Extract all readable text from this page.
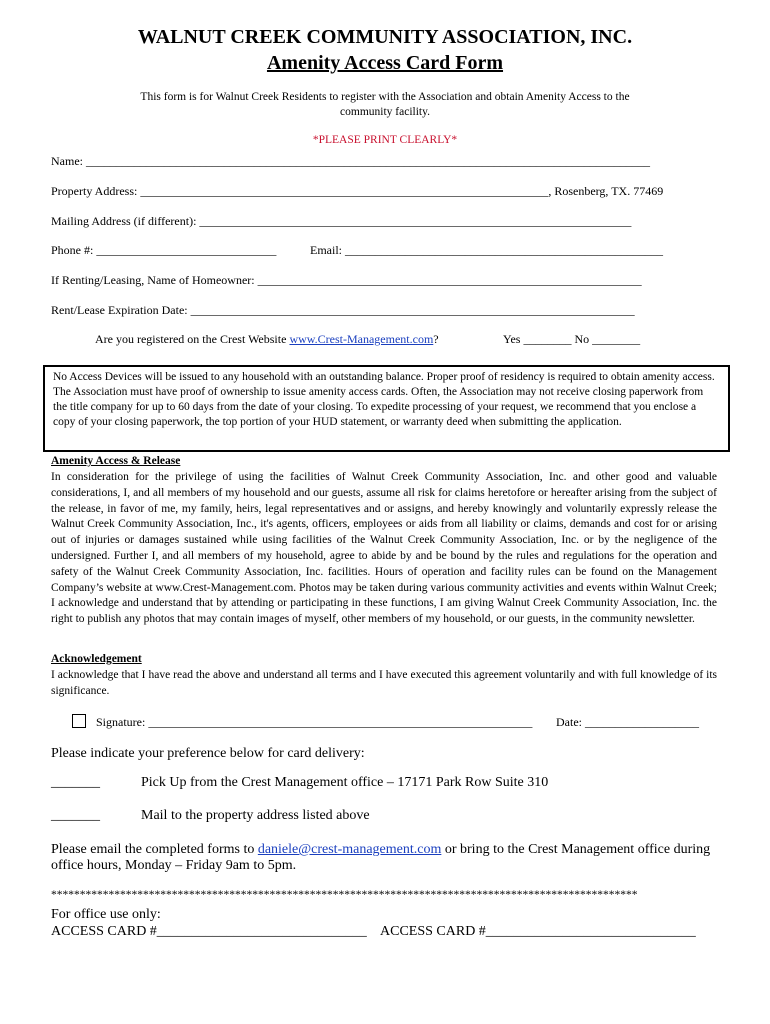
WALNUT CREEK COMMUNITY ASSOCIATION, INC.
Amenity Access Card Form
This form is for Walnut Creek Residents to register with the Association and obtain Amenity Access to the
community facility.
*PLEASE PRINT CLEARLY*
Name: ______________________________________________________________________________________________
Property Address: ____________________________________________________________________, Rosenberg, TX. 77469
Mailing Address (if different): ________________________________________________________________________
Phone #: ______________________________	Email: _____________________________________________________
If Renting/Leasing, Name of Homeowner: ________________________________________________________________
Rent/Lease Expiration Date: __________________________________________________________________________
Are you registered on the Crest Website www.Crest-Management.com?	Yes ________ No ________
No Access Devices will be issued to any household with an outstanding balance. Proper proof of residency is required to obtain amenity access. The Association must have proof of ownership to issue amenity access cards. Often, the Association may not receive closing paperwork from the title company for up to 60 days from the date of your closing. To expedite processing of your request, we recommend that you enclose a copy of your closing paperwork, the top portion of your HUD statement, or warranty deed when submitting the application.
Amenity Access & Release
In consideration for the privilege of using the facilities of Walnut Creek Community Association, Inc. and other good and valuable considerations, I, and all members of my household and our guests, assume all risk for claims heretofore or hereafter arising from the subject of the release, in favor of me, my family, heirs, legal representatives and or assigns, and hereby knowingly and voluntarily expressly release the Walnut Creek Community Association, Inc., it's agents, officers, employees or aids from all liability or claims, demands and cost for or arising out of injuries or damages sustained while using facilities of the Walnut Creek Community Association, Inc. or by the negligence of the undersigned. Further I, and all members of my household, agree to abide by and be bound by the rules and regulations for the operation and safety of the Walnut Creek Community Association, Inc. facilities. Hours of operation and facility rules can be found on the Management Company’s website at www.Crest-Management.com. Photos may be taken during various community activities and events within Walnut Creek; I acknowledge and understand that by attending or participating in these functions, I am giving Walnut Creek Community Association, Inc. the right to publish any photos that may contain images of myself, other members of my household, or our guests, in the community newsletter.
Acknowledgement
I acknowledge that I have read the above and understand all terms and I have executed this agreement voluntarily and with full knowledge of its significance.
Signature: ________________________________________________________________ Date: ___________________
Please indicate your preference below for card delivery:
_______	Pick Up from the Crest Management office – 17171 Park Row Suite 310
_______	Mail to the property address listed above
Please email the completed forms to daniele@crest-management.com or bring to the Crest Management office during
office hours, Monday – Friday 9am to 5pm.
******************************************************************************************************
For office use only:
ACCESS CARD #______________________________ ACCESS CARD #______________________________
